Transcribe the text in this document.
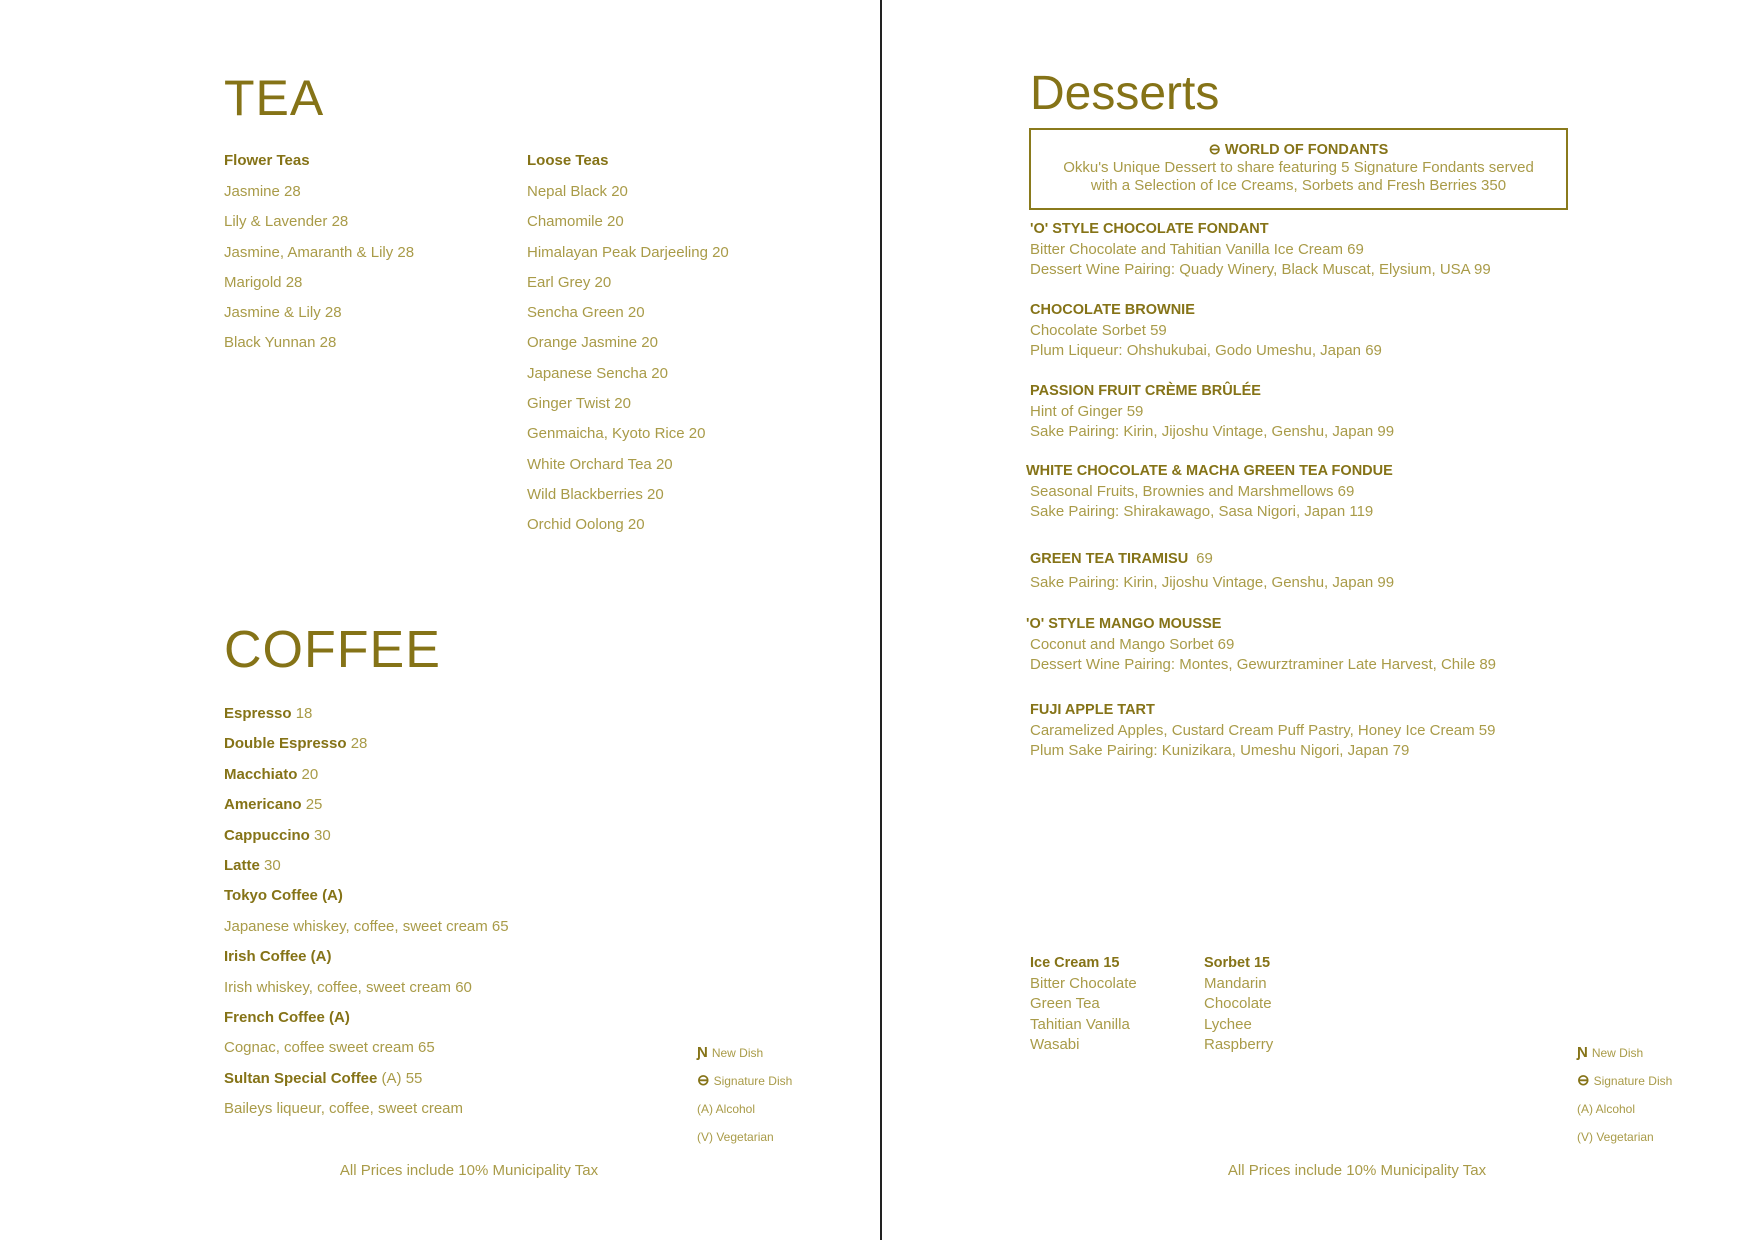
TEA
Flower Teas
Jasmine 28
Lily & Lavender 28
Jasmine, Amaranth & Lily 28
Marigold 28
Jasmine & Lily 28
Black Yunnan 28
Loose Teas
Nepal Black 20
Chamomile 20
Himalayan Peak Darjeeling 20
Earl Grey 20
Sencha Green 20
Orange Jasmine 20
Japanese Sencha 20
Ginger Twist 20
Genmaicha, Kyoto Rice 20
White Orchard Tea 20
Wild Blackberries 20
Orchid Oolong 20
COFFEE
Espresso 18
Double Espresso 28
Macchiato 20
Americano 25
Cappuccino 30
Latte 30
Tokyo Coffee (A)
Japanese whiskey, coffee, sweet cream 65
Irish Coffee (A)
Irish whiskey, coffee, sweet cream 60
French Coffee (A)
Cognac, coffee sweet cream 65
Sultan Special Coffee (A) 55
Baileys liqueur, coffee, sweet cream
Ɲ New Dish
⊖ Signature Dish
(A) Alcohol
(V) Vegetarian
All Prices include 10% Municipality Tax
Desserts
⊖ WORLD OF FONDANTS
Okku's Unique Dessert to share featuring 5 Signature Fondants served
with a Selection of Ice Creams, Sorbets and Fresh Berries 350
'O' STYLE CHOCOLATE FONDANT
Bitter Chocolate and Tahitian Vanilla Ice Cream 69
Dessert Wine Pairing: Quady Winery, Black Muscat, Elysium, USA 99
CHOCOLATE BROWNIE
Chocolate Sorbet 59
Plum Liqueur: Ohshukubai, Godo Umeshu, Japan 69
PASSION FRUIT CRÈME BRÛLÉE
Hint of Ginger 59
Sake Pairing: Kirin, Jijoshu Vintage, Genshu, Japan 99
WHITE CHOCOLATE & MACHA GREEN TEA FONDUE
Seasonal Fruits, Brownies and Marshmellows 69
Sake Pairing: Shirakawago, Sasa Nigori, Japan 119
GREEN TEA TIRAMISU 69
Sake Pairing: Kirin, Jijoshu Vintage, Genshu, Japan 99
'O' STYLE MANGO MOUSSE
Coconut and Mango Sorbet 69
Dessert Wine Pairing: Montes, Gewurztraminer Late Harvest, Chile 89
FUJI APPLE TART
Caramelized Apples, Custard Cream Puff Pastry, Honey Ice Cream 59
Plum Sake Pairing: Kunizikara, Umeshu Nigori, Japan 79
Ice Cream 15
Bitter Chocolate
Green Tea
Tahitian Vanilla
Wasabi
Sorbet 15
Mandarin
Chocolate
Lychee
Raspberry	Ɲ New Dish
⊖ Signature Dish
(A) Alcohol
(V) Vegetarian
All Prices include 10% Municipality Tax
